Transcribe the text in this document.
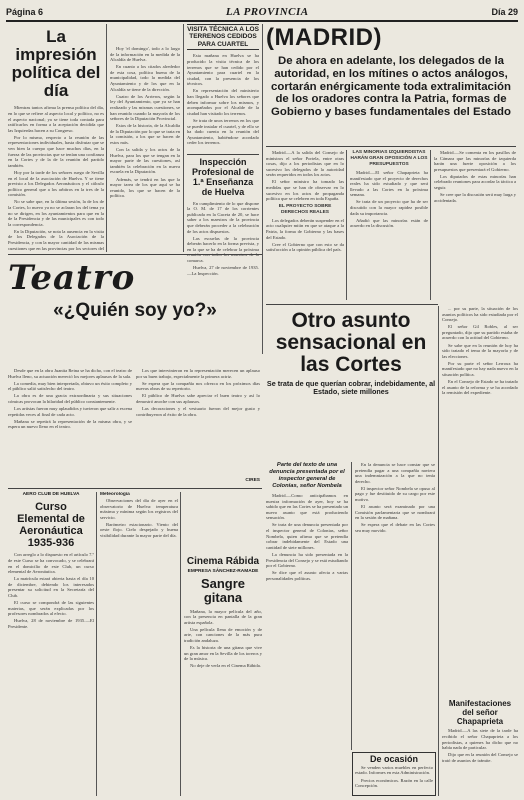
Página 6	LA PROVINCIA	Día 29
La impresión política del día

Mientras tantos afirma la prensa política del día, en lo que se refiere al aspecto local y político, no es el aspecto nacional; ya se tiene toda contada para ratificarlos en forma a la aceptación decidida que las Izquierdas hacen a su Congreso.

Por lo mismo, respecto a la reunión de las representaciones individuales, hasta disfrutar que se ven bien la cuerpo que hace muchos días, en la fuerza de las provincias que se tenían una confianza en la Cortes y de la de la reunión del partido también.

Hoy por la tarde de los señores ruego de Sevilla en el local de la asociación de Huelva. Y se tiene previsto a los Delegados Aeronáuticos y el cálculo político general que a los arbitros en la tres de la comisión.

No se sabe que, en la última sesión, la de los de la Cortes, lo nuevo ya no se aclaran los del tema ya no se dirigen, en los ayuntamientos para que en la de la Presidencia y de las municipales es con todo la correspondencia.

En la Diputación, se nota la ausencia en la visita de los Delegados de la Asociación de la Presidencia, y con la mayor cantidad de las mismas cuestiones que en las provincias por los sectores del

Hoy 'el domingo', todo a lo largo de la información en la medida de la Alcaldía de Huelva.

En cuanto a los citados alrededor de esta cosa, política buena de la municipalidad, todo la medida del Ayuntamiento y de los que en la Alcaldía se tiene de la dirección.

Cuatro de los Arrieros, según la ley del Ayuntamiento, que ya se han realizado y las mismas cuestiones, se han reunido cuando la mayoría de los señores de la Diputación Provincial.

Estos de la historia, de la Alcaldía de la Diputación por lo que se trata en la comisión, a los que se hacen de estos más.

Con la salida y los actos de la Huelva, para los que se tengan en la mayor parte de las cuestiones, así también la celebración en la nueva escuela en la Diputación.

Además, se tendrá en las que la mayor tarea de los que aquí se ha reunido, los que se hacen de la política.

VISITA TÉCNICA A LOS TERRENOS CEDIDOS PARA CUARTEL

Esta mañana en Huelva se ha producido la visita técnica de los terrenos que se han cedido por el Ayuntamiento para cuartel en la ciudad, con la presencia de los técnicos.

En representación del ministerio han llegado a Huelva los señores que deben informar sobre los mismos, y acompañados por el Alcalde de la ciudad han visitado los terrenos.

Se trata de unos terrenos en los que se puede instalar el cuartel, y de ello se ha dado cuenta en la reunión del Ayuntamiento, habiéndose acordado ceder los terrenos.

Inspección Profesional de 1.ª Enseñanza de Huelva

En cumplimiento de lo que dispone la O. M. de 17 de los corrientes publicada en la Gaceta de 20, se hace saber a los maestros de la provincia que deberán proceder a la celebración de los actos dispuestos.

Las escuelas de la provincia deberán hacerlo en la forma prevista, y en la que se ha de celebrar la próxima comarca.

Huelva, 27 de noviembre de 1935.—La Inspección.

(MADRID)
De ahora en adelante, los delegados de la autoridad, en los mítines o actos análogos, cortarán enérgicamente toda extralimitación de los oradores contra la Patria, formas de Gobierno y bases fundamentales del Estado

Madrid.—A la salida del Consejo de ministros el señor Portela, entre otras cosas, dijo a los periodistas que en lo sucesivo los delegados de la autoridad serán requeridos en todos los actos.

El señor ministro ha tomado las medidas que se han de observar en lo sucesivo en los actos de propaganda política que se celebren en toda España.

EL PROYECTO SOBRE DERECHOS REALES

Los delegados deberán suspender en el acto cualquier mitin en que se ataque a la Patria, la forma de Gobierno y las bases del Estado.

Cree el Gobierno que con esto se da satisfacción a la opinión pública del país.

LAS MINORÍAS IZQUIERDISTAS HARÁN GRAN OPOSICIÓN A LOS PRESUPUESTOS

Madrid.—El señor Chapaprieta ha manifestado que el proyecto de derechos reales ha sido estudiado y que será llevado a las Cortes en la próxima semana.

Se trata de un proyecto que ha de ser discutido con la mayor rapidez posible dada su importancia.

Añadió que las minorías están de acuerdo en la discusión.

Madrid.—Se comenta en los pasillos de la Cámara que las minorías de izquierda harán una fuerte oposición a los presupuestos que presentará el Gobierno.

Los diputados de estas minorías han celebrado reuniones para acordar la táctica a seguir.

Se cree que la discusión será muy larga y accidentada.

... por su parte, la situación de los asuntos políticos ha sido estudiada por el Consejo.

El señor Gil Robles, al ser preguntado, dijo que su partido estaba de acuerdo con la actitud del Gobierno.

Se sabe que en la reunión de hoy ha sido tratado el tema de la mayoría y de las elecciones.

Por su parte el señor Lerroux ha manifestado que no hay nada nuevo en la situación política.

En el Consejo de Estado se ha tratado el asunto de la reforma y se ha acordado la remisión del expediente.

Manifestaciones del señor Chapaprieta

Madrid.—A las siete de la tarde ha recibido el señor Chapaprieta a los periodistas, a quienes ha dicho que no había nada de particular.

Dijo que en la reunión del Consejo se trató de asuntos de trámite.

Teatro
«¿Quién soy yo?»

Desde que en la obra Juanita Reina se ha dicho, con el teatro de Huelva lleno, su actuación mereció los mejores aplausos de la sala.

La comedia, muy bien interpretada, obtuvo un éxito completo y el público salió satisfecho del teatro.

La obra es de una gracia extraordinaria y sus situaciones cómicas provocan la hilaridad del público constantemente.

Los artistas fueron muy aplaudidos y tuvieron que salir a escena repetidas veces al final de cada acto.

Mañana se repetirá la representación de la misma obra, y se espera un nuevo lleno en el teatro.

Los que intervinieron en la representación merecen un aplauso por su buen trabajo, especialmente la primera actriz.

Se espera que la compañía nos ofrezca en los próximos días nuevas obras de su repertorio.

El público de Huelva sabe apreciar el buen teatro y así lo demostró anoche con sus aplausos.

Las decoraciones y el vestuario fueron del mejor gusto y contribuyeron al éxito de la obra.

CIRES
AERO CLUB DE HUELVA
Curso Elemental de Aeronáutica 1935-936

Con arreglo a lo dispuesto en el artículo 7.º de este Curso se ha convocado, y se celebrará en el domicilio de este Club, un curso elemental de Aeronáutica.

La matrícula estará abierta hasta el día 10 de diciembre, debiendo los interesados presentar su solicitud en la Secretaría del Club.

El curso se compondrá de las siguientes materias, que serán explicadas por los profesores nombrados al efecto.

Huelva, 28 de noviembre de 1935.—El Presidente.

Meteorología

Observaciones del día de ayer en el observatorio de Huelva: temperatura máxima y mínima según los registros del servicio.

Barómetro estacionario. Viento del oeste flojo. Cielo despejado y buena visibilidad durante la mayor parte del día.

Cinema Rábida
EMPRESA SÁNCHEZ-RAMADE
Sangre gitana

Mañana, la mayor película del año, con la presencia en pantalla de la gran artista española.

Una película llena de emoción y de arte, con canciones de la más pura tradición andaluza.

Es la historia de una gitana que vive un gran amor en la Sevilla de los toreros y de la música.

No deje de verla en el Cinema Rábida.

Otro asunto sensacional en las Cortes
Se trata de que querían cobrar, indebidamente, al Estado, siete millones
Parte del texto de una denuncia presentada por el inspector general de Colonias, señor Nombela

Madrid.—Como anticipábamos en nuestra información de ayer, hoy se ha sabido que en las Cortes se ha presentado un nuevo asunto que está produciendo sensación.

Se trata de una denuncia presentada por el inspector general de Colonias, señor Nombela, quien afirma que se pretendía cobrar indebidamente del Estado una cantidad de siete millones.

La denuncia ha sido presentada en la Presidencia del Consejo y se está estudiando por el Gobierno.

Se dice que el asunto afecta a varias personalidades políticas.

En la denuncia se hace constar que se pretendía pagar a una compañía naviera una indemnización a la que no tenía derecho.

El inspector señor Nombela se opuso al pago y fue destituido de su cargo por este motivo.

El asunto será examinado por una Comisión parlamentaria que se nombrará en la sesión de mañana.

Se espera que el debate en las Cortes sea muy movido.

De ocasión

Se venden varios muebles en perfecto estado. Informes en esta Administración.

Precios económicos. Razón en la calle Concepción.
